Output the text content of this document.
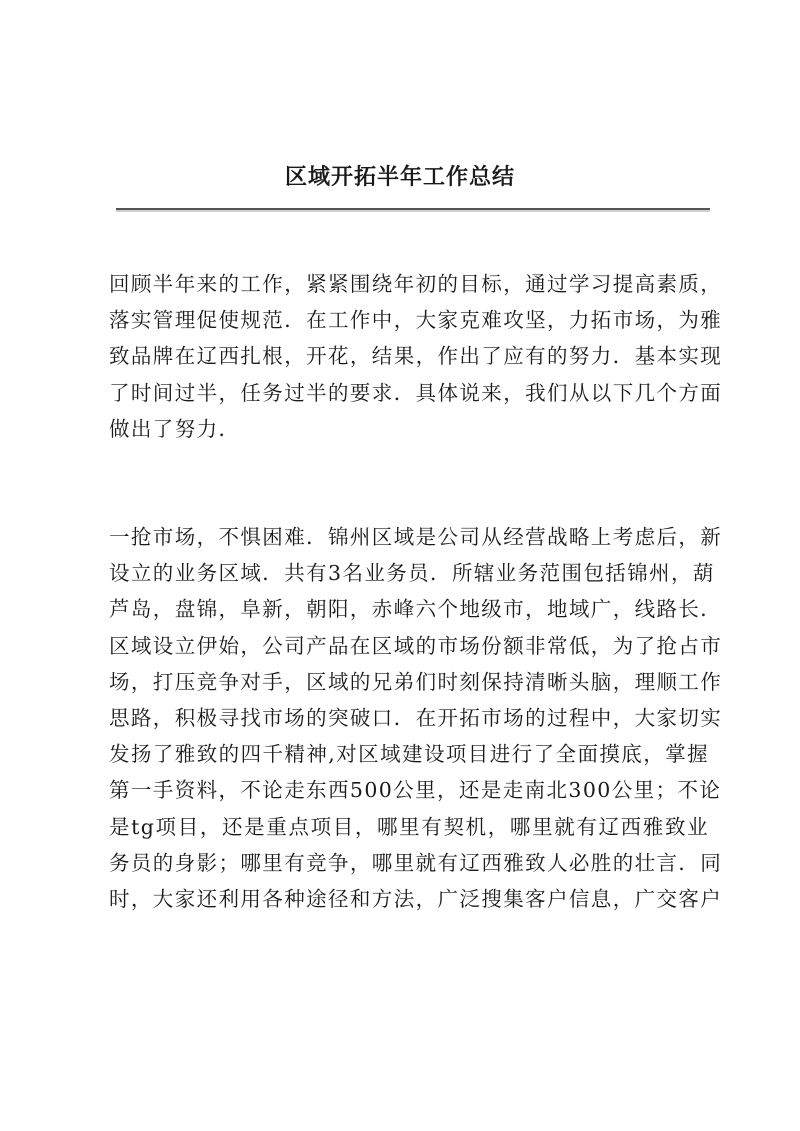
区域开拓半年工作总结

回顾半年来的工作，紧紧围绕年初的目标，通过学习提高素质，
落实管理促使规范．在工作中，大家克难攻坚，力拓市场，为雅
致品牌在辽西扎根，开花，结果，作出了应有的努力．基本实现
了时间过半，任务过半的要求．具体说来，我们从以下几个方面
做出了努力．

一抢市场，不惧困难．锦州区域是公司从经营战略上考虑后，新
设立的业务区域．共有3名业务员．所辖业务范围包括锦州，葫
芦岛，盘锦，阜新，朝阳，赤峰六个地级市，地域广，线路长．
区域设立伊始，公司产品在区域的市场份额非常低，为了抢占市
场，打压竞争对手，区域的兄弟们时刻保持清晰头脑，理顺工作
思路，积极寻找市场的突破口．在开拓市场的过程中，大家切实
发扬了雅致的四千精神,对区域建设项目进行了全面摸底，掌握
第一手资料，不论走东西500公里，还是走南北300公里；不论
是tg项目，还是重点项目，哪里有契机，哪里就有辽西雅致业
务员的身影；哪里有竞争，哪里就有辽西雅致人必胜的壮言．同
时，大家还利用各种途径和方法，广泛搜集客户信息，广交客户
